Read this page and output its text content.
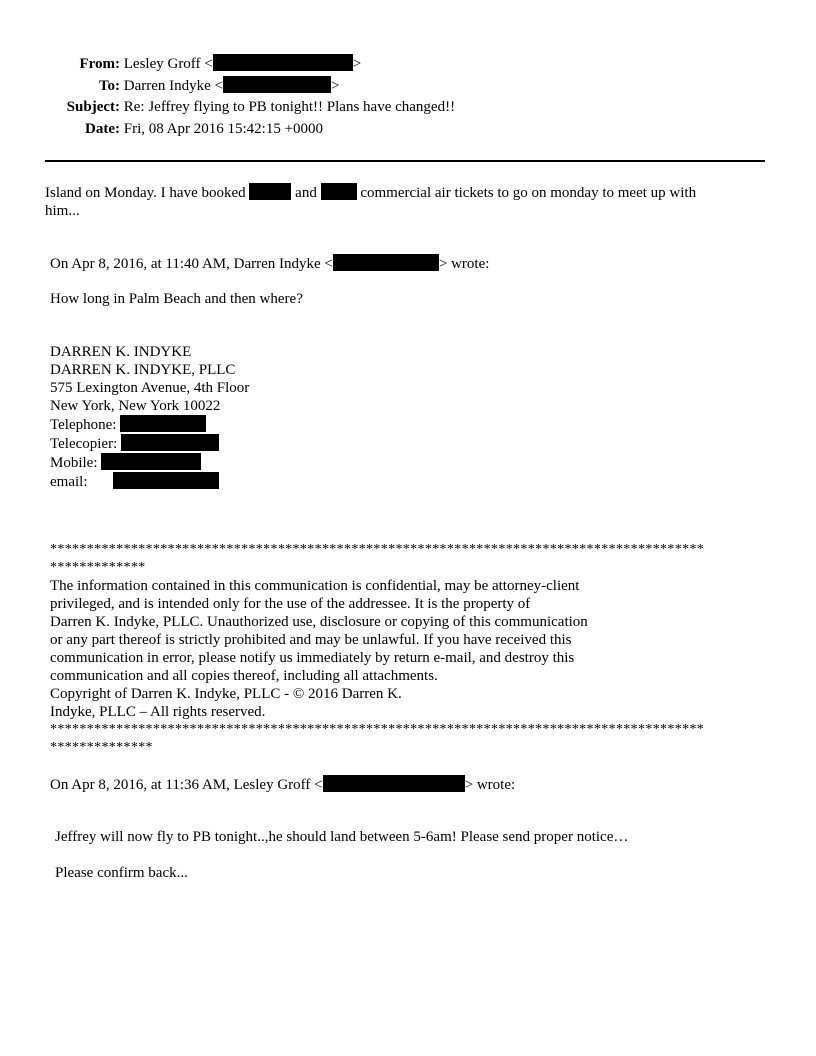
From: Lesley Groff <	>
To: Darren Indyke <	>
Subject: Re: Jeffrey flying to PB tonight!! Plans have changed!!
Date: Fri, 08 Apr 2016 15:42:15 +0000
Island on Monday. I have booked	and  commercial air tickets to go on monday to meet up with
him...
On Apr 8, 2016, at 11:40 AM, Darren Indyke <	> wrote:
How long in Palm Beach and then where?
DARREN K. INDYKE
DARREN K. INDYKE, PLLC
575 Lexington Avenue, 4th Floor
New York, New York 10022
Telephone:
Telecopier:
Mobile:
email:
*****************************************************************************************
*************
The information contained in this communication is confidential, may be attorney-client
privileged, and is intended only for the use of the addressee. It is the property of
Darren K. Indyke, PLLC. Unauthorized use, disclosure or copying of this communication
or any part thereof is strictly prohibited and may be unlawful. If you have received this
communication in error, please notify us immediately by return e-mail, and destroy this
communication and all copies thereof, including all attachments.
Copyright of Darren K. Indyke, PLLC - © 2016 Darren K.
Indyke, PLLC – All rights reserved.
*****************************************************************************************
**************
On Apr 8, 2016, at 11:36 AM, Lesley Groff <	> wrote:
Jeffrey will now fly to PB tonight..,he should land between 5-6am! Please send proper notice…
Please confirm back...
